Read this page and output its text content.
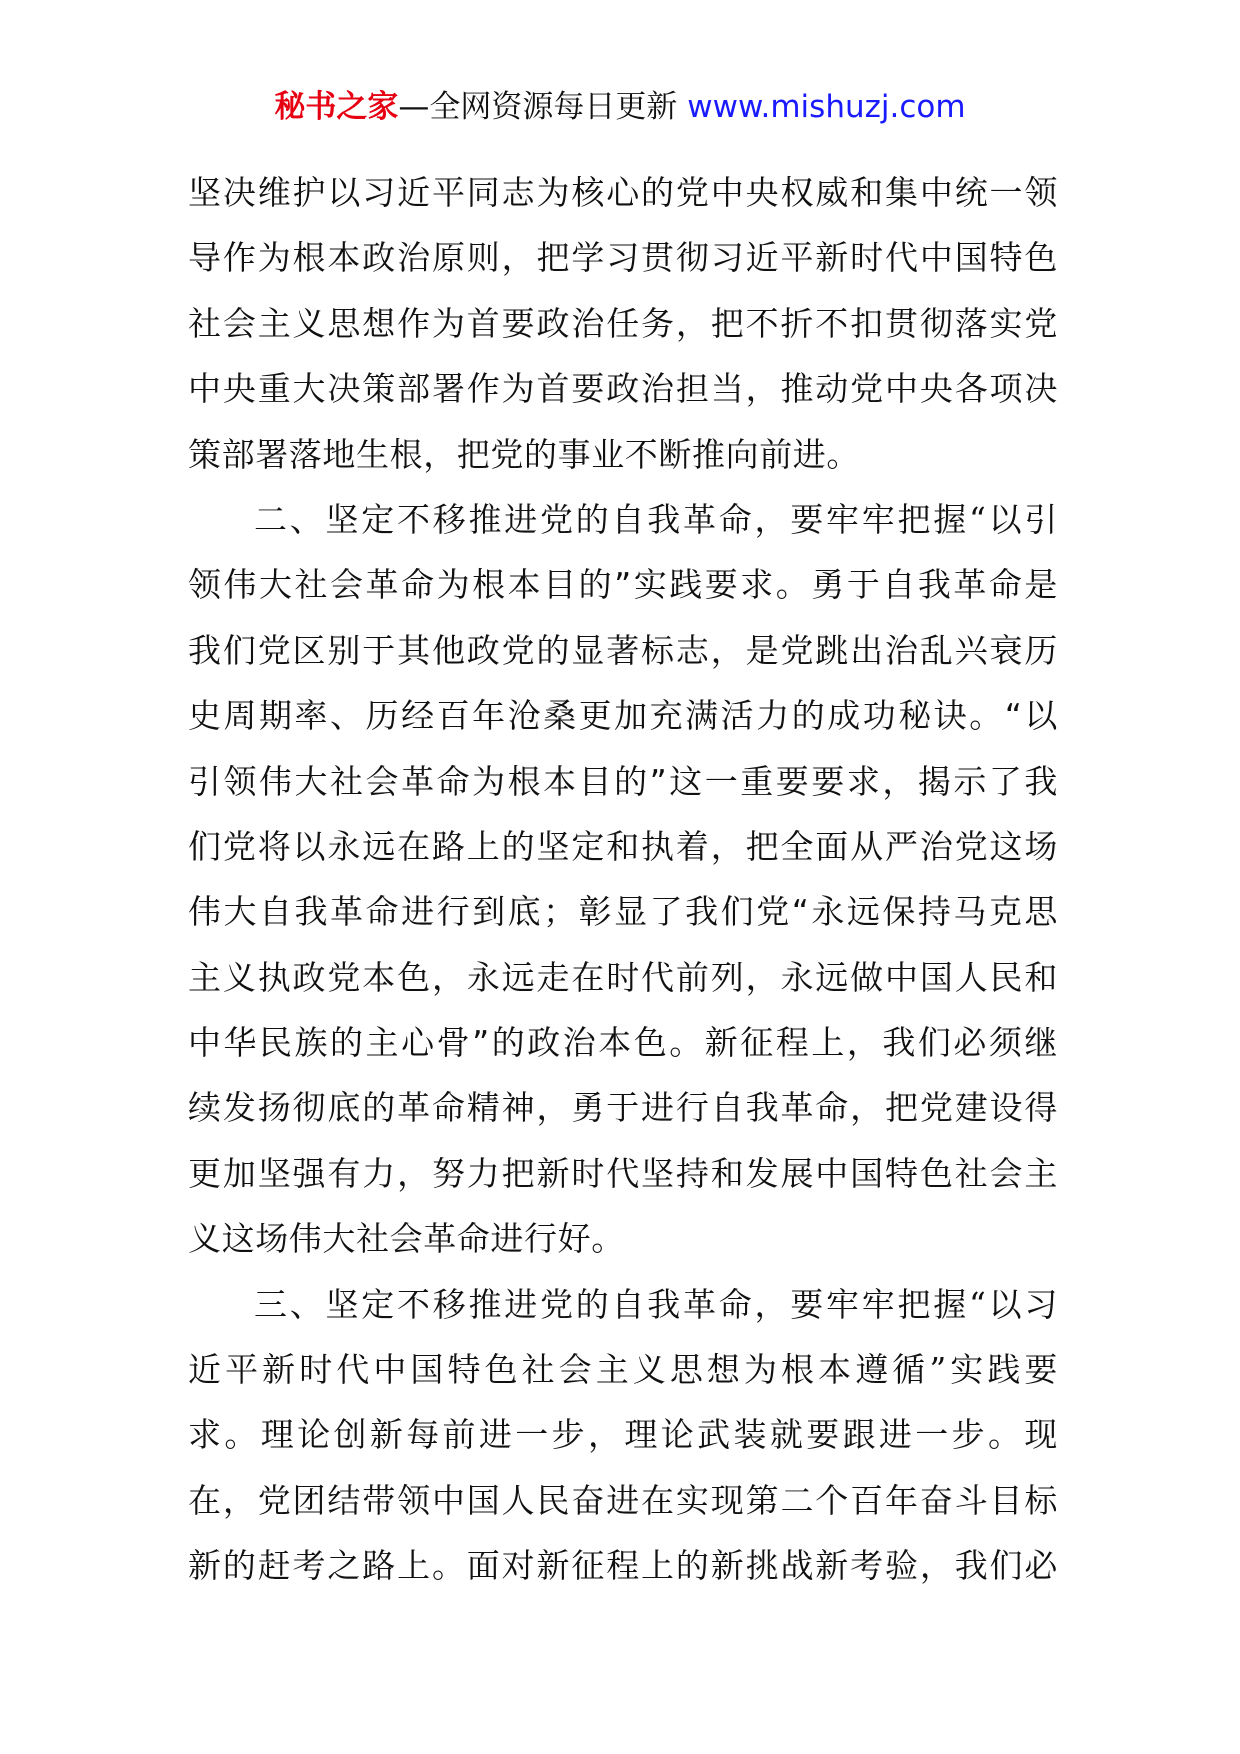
秘书之家—全网资源每日更新 www.mishuzj.com
坚决维护以习近平同志为核心的党中央权威和集中统一领
导作为根本政治原则，把学习贯彻习近平新时代中国特色
社会主义思想作为首要政治任务，把不折不扣贯彻落实党
中央重大决策部署作为首要政治担当，推动党中央各项决
策部署落地生根，把党的事业不断推向前进。
二、坚定不移推进党的自我革命，要牢牢把握“以引
领伟大社会革命为根本目的”实践要求。勇于自我革命是
我们党区别于其他政党的显著标志，是党跳出治乱兴衰历
史周期率、历经百年沧桑更加充满活力的成功秘诀。“以
引领伟大社会革命为根本目的”这一重要要求，揭示了我
们党将以永远在路上的坚定和执着，把全面从严治党这场
伟大自我革命进行到底；彰显了我们党“永远保持马克思
主义执政党本色，永远走在时代前列，永远做中国人民和
中华民族的主心骨”的政治本色。新征程上，我们必须继
续发扬彻底的革命精神，勇于进行自我革命，把党建设得
更加坚强有力，努力把新时代坚持和发展中国特色社会主
义这场伟大社会革命进行好。
三、坚定不移推进党的自我革命，要牢牢把握“以习
近平新时代中国特色社会主义思想为根本遵循”实践要
求。理论创新每前进一步，理论武装就要跟进一步。现
在，党团结带领中国人民奋进在实现第二个百年奋斗目标
新的赶考之路上。面对新征程上的新挑战新考验，我们必
